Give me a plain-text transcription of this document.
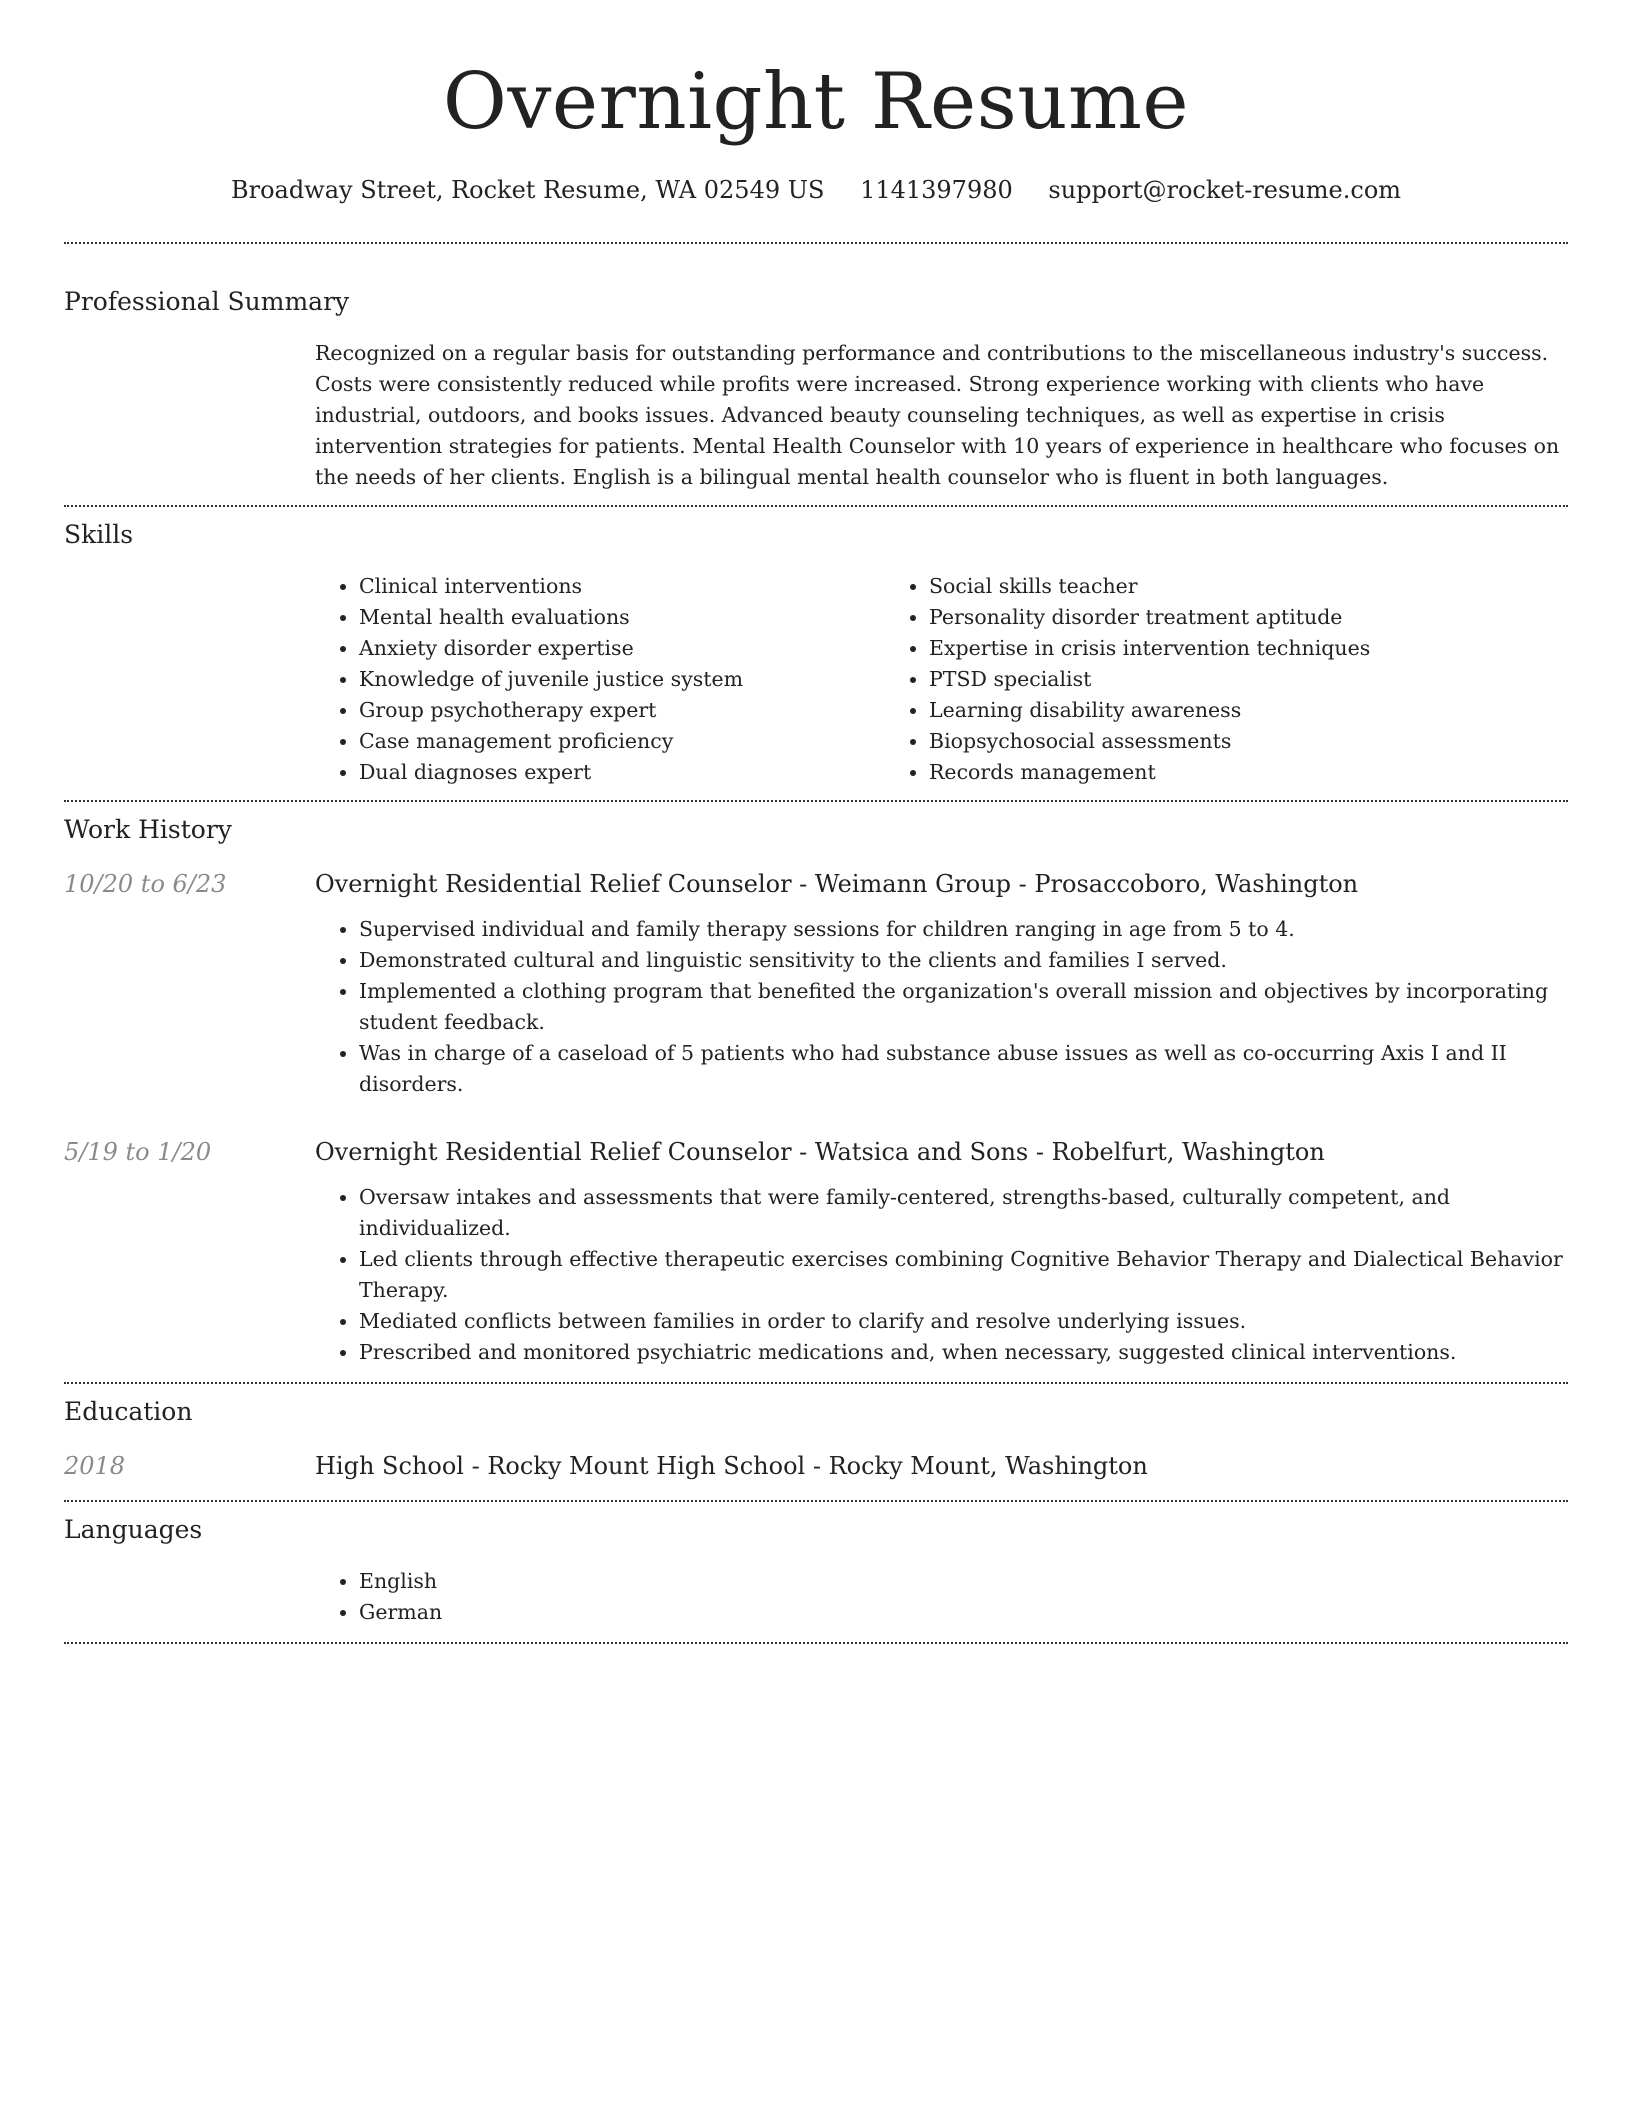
Overnight Resume
Broadway Street, Rocket Resume, WA 02549 US 1141397980 support@rocket-resume.com
Professional Summary
Recognized on a regular basis for outstanding performance and contributions to the miscellaneous industry's success. Costs were consistently reduced while profits were increased. Strong experience working with clients who have industrial, outdoors, and books issues. Advanced beauty counseling techniques, as well as expertise in crisis intervention strategies for patients. Mental Health Counselor with 10 years of experience in healthcare who focuses on the needs of her clients. English is a bilingual mental health counselor who is fluent in both languages.
Skills
• Clinical interventions
• Mental health evaluations
• Anxiety disorder expertise
• Knowledge of juvenile justice system
• Group psychotherapy expert
• Case management proficiency
• Dual diagnoses expert
• Social skills teacher
• Personality disorder treatment aptitude
• Expertise in crisis intervention techniques
• PTSD specialist
• Learning disability awareness
• Biopsychosocial assessments
• Records management
Work History
10/20 to 6/23	Overnight Residential Relief Counselor - Weimann Group - Prosaccoboro, Washington
• Supervised individual and family therapy sessions for children ranging in age from 5 to 4.
• Demonstrated cultural and linguistic sensitivity to the clients and families I served.
• Implemented a clothing program that benefited the organization's overall mission and objectives by incorporating student feedback.
• Was in charge of a caseload of 5 patients who had substance abuse issues as well as co-occurring Axis I and II disorders.
5/19 to 1/20	Overnight Residential Relief Counselor - Watsica and Sons - Robelfurt, Washington
• Oversaw intakes and assessments that were family-centered, strengths-based, culturally competent, and individualized.
• Led clients through effective therapeutic exercises combining Cognitive Behavior Therapy and Dialectical Behavior Therapy.
• Mediated conflicts between families in order to clarify and resolve underlying issues.
• Prescribed and monitored psychiatric medications and, when necessary, suggested clinical interventions.
Education
2018	High School - Rocky Mount High School - Rocky Mount, Washington
Languages
• English
• German
